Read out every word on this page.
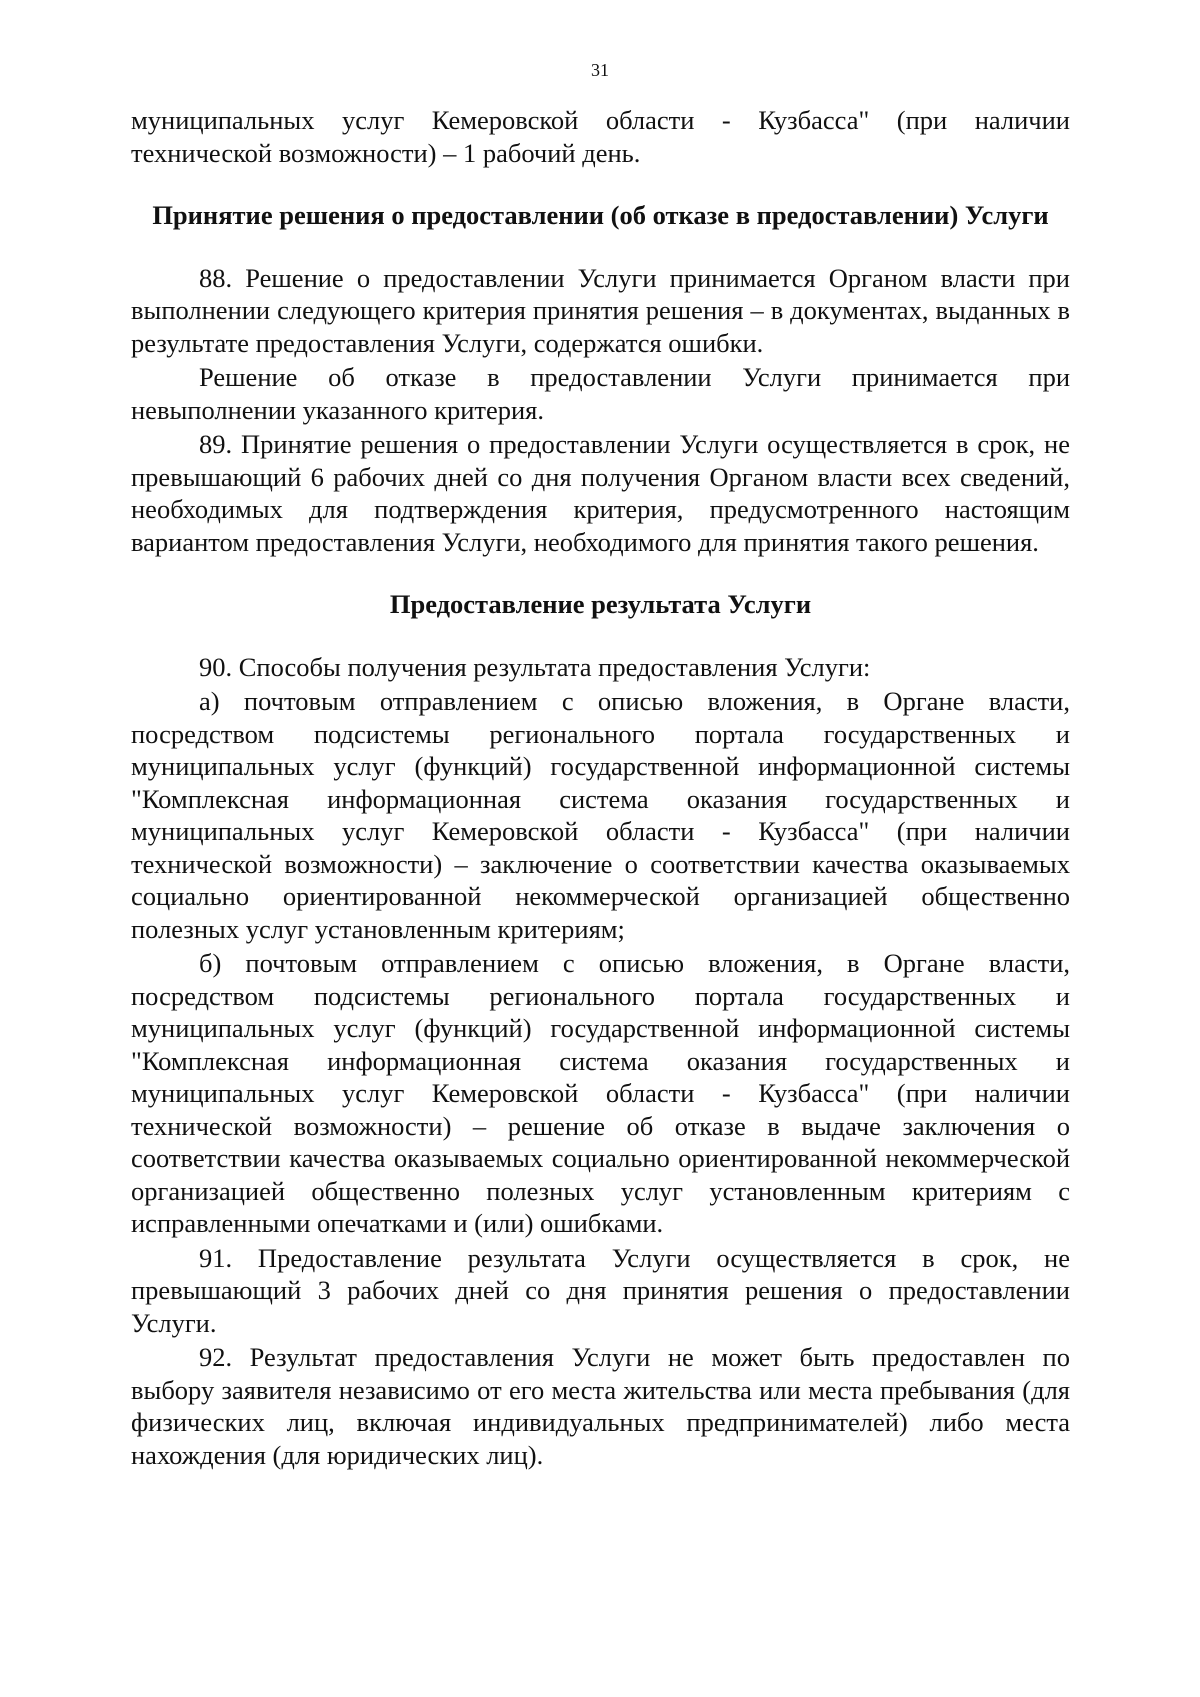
31

муниципальных услуг Кемеровской области - Кузбасса" (при наличии технической возможности) – 1 рабочий день.

Принятие решения о предоставлении (об отказе в предоставлении) Услуги

88. Решение о предоставлении Услуги принимается Органом власти при выполнении следующего критерия принятия решения – в документах, выданных в результате предоставления Услуги, содержатся ошибки.

Решение об отказе в предоставлении Услуги принимается при невыполнении указанного критерия.

89. Принятие решения о предоставлении Услуги осуществляется в срок, не превышающий 6 рабочих дней со дня получения Органом власти всех сведений, необходимых для подтверждения критерия, предусмотренного настоящим вариантом предоставления Услуги, необходимого для принятия такого решения.

Предоставление результата Услуги

90. Способы получения результата предоставления Услуги:

а) почтовым отправлением с описью вложения, в Органе власти, посредством подсистемы регионального портала государственных и муниципальных услуг (функций) государственной информационной системы "Комплексная информационная система оказания государственных и муниципальных услуг Кемеровской области - Кузбасса" (при наличии технической возможности) – заключение о соответствии качества оказываемых социально ориентированной некоммерческой организацией общественно полезных услуг установленным критериям;

б) почтовым отправлением с описью вложения, в Органе власти, посредством подсистемы регионального портала государственных и муниципальных услуг (функций) государственной информационной системы "Комплексная информационная система оказания государственных и муниципальных услуг Кемеровской области - Кузбасса" (при наличии технической возможности) – решение об отказе в выдаче заключения о соответствии качества оказываемых социально ориентированной некоммерческой организацией общественно полезных услуг установленным критериям с исправленными опечатками и (или) ошибками.

91. Предоставление результата Услуги осуществляется в срок, не превышающий 3 рабочих дней со дня принятия решения о предоставлении Услуги.

92. Результат предоставления Услуги не может быть предоставлен по выбору заявителя независимо от его места жительства или места пребывания (для физических лиц, включая индивидуальных предпринимателей) либо места нахождения (для юридических лиц).
